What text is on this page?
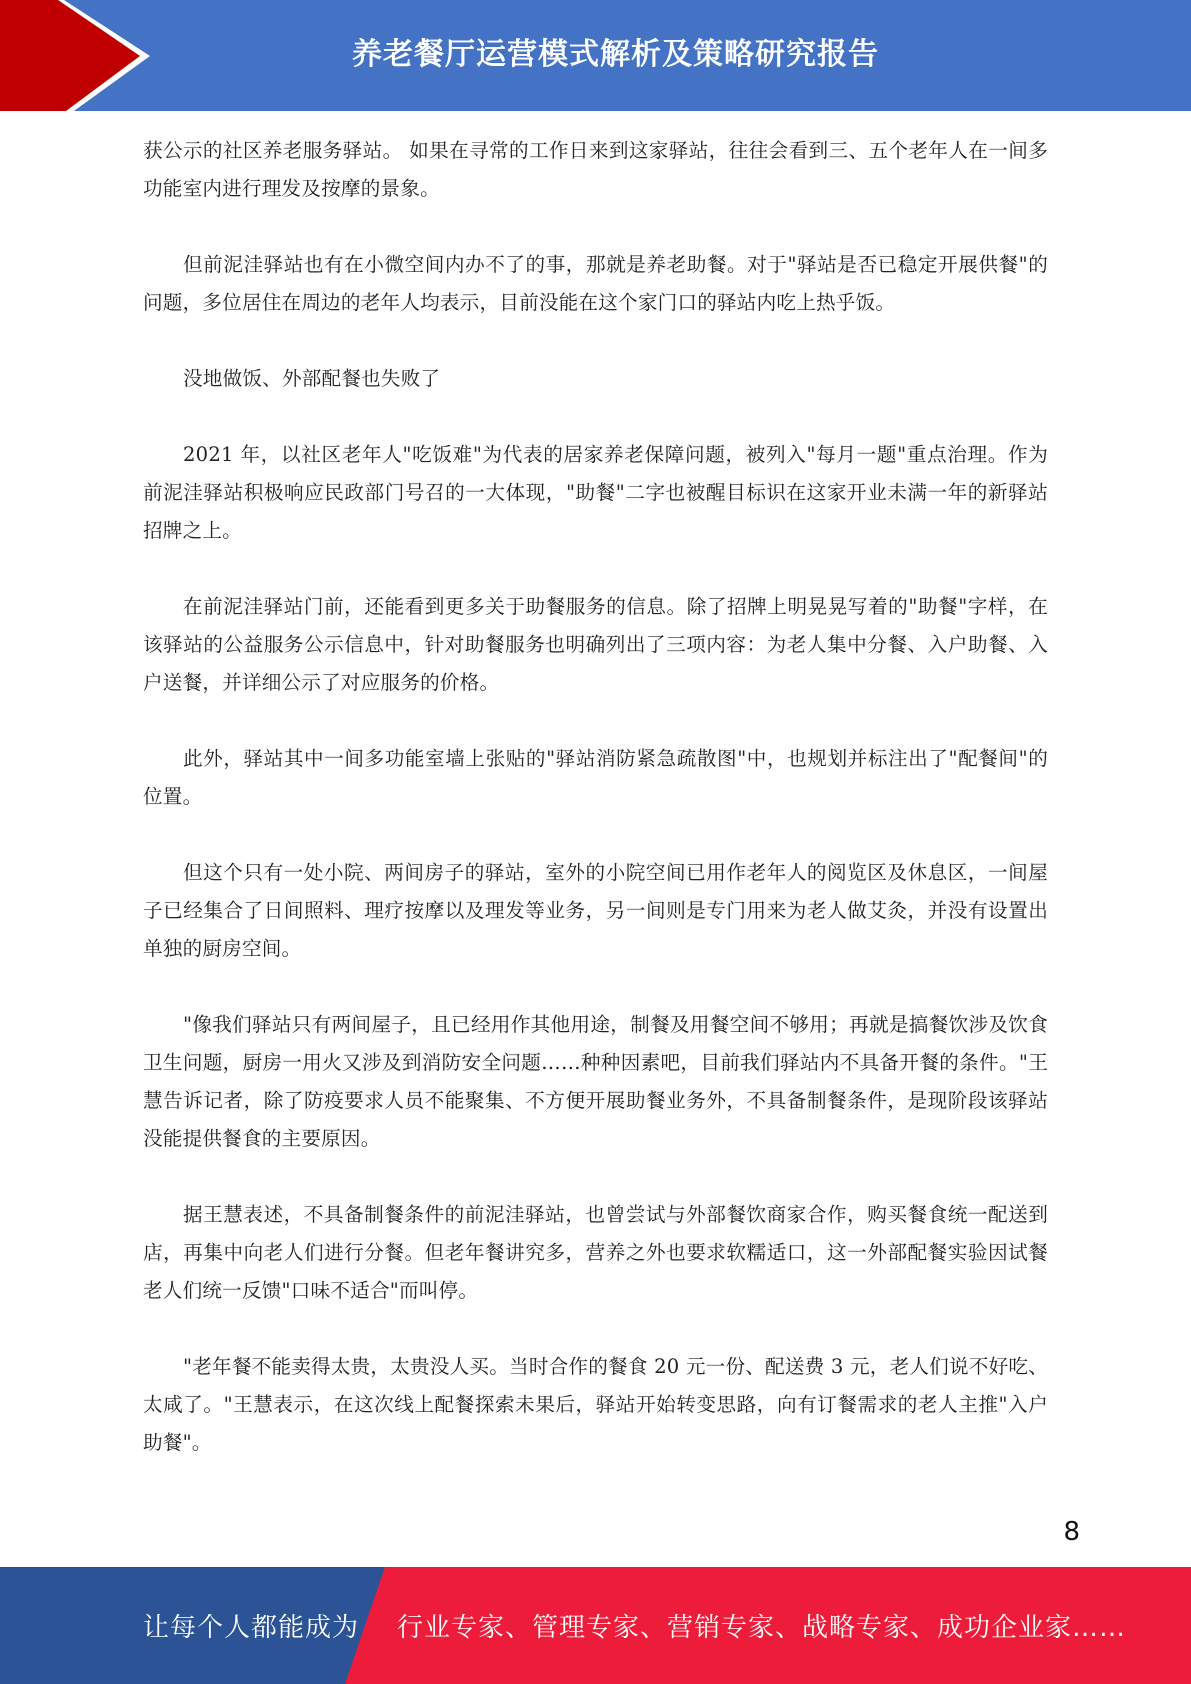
养老餐厅运营模式解析及策略研究报告

获公示的社区养老服务驿站。 如果在寻常的工作日来到这家驿站，往往会看到三、五个老年人在一间多功能室内进行理发及按摩的景象。

但前泥洼驿站也有在小微空间内办不了的事，那就是养老助餐。对于"驿站是否已稳定开展供餐"的问题，多位居住在周边的老年人均表示，目前没能在这个家门口的驿站内吃上热乎饭。

没地做饭、外部配餐也失败了

2021 年，以社区老年人"吃饭难"为代表的居家养老保障问题，被列入"每月一题"重点治理。作为前泥洼驿站积极响应民政部门号召的一大体现，"助餐"二字也被醒目标识在这家开业未满一年的新驿站招牌之上。

在前泥洼驿站门前，还能看到更多关于助餐服务的信息。除了招牌上明晃晃写着的"助餐"字样，在该驿站的公益服务公示信息中，针对助餐服务也明确列出了三项内容：为老人集中分餐、入户助餐、入户送餐，并详细公示了对应服务的价格。

此外，驿站其中一间多功能室墙上张贴的"驿站消防紧急疏散图"中，也规划并标注出了"配餐间"的位置。

但这个只有一处小院、两间房子的驿站，室外的小院空间已用作老年人的阅览区及休息区，一间屋子已经集合了日间照料、理疗按摩以及理发等业务，另一间则是专门用来为老人做艾灸，并没有设置出单独的厨房空间。

"像我们驿站只有两间屋子，且已经用作其他用途，制餐及用餐空间不够用；再就是搞餐饮涉及饮食卫生问题，厨房一用火又涉及到消防安全问题……种种因素吧，目前我们驿站内不具备开餐的条件。"王慧告诉记者，除了防疫要求人员不能聚集、不方便开展助餐业务外，不具备制餐条件，是现阶段该驿站没能提供餐食的主要原因。

据王慧表述，不具备制餐条件的前泥洼驿站，也曾尝试与外部餐饮商家合作，购买餐食统一配送到店，再集中向老人们进行分餐。但老年餐讲究多，营养之外也要求软糯适口，这一外部配餐实验因试餐老人们统一反馈"口味不适合"而叫停。

"老年餐不能卖得太贵，太贵没人买。当时合作的餐食 20 元一份、配送费 3 元，老人们说不好吃、太咸了。"王慧表示，在这次线上配餐探索未果后，驿站开始转变思路，向有订餐需求的老人主推"入户助餐"。

8
让每个人都能成为 行业专家、管理专家、营销专家、战略专家、成功企业家……
